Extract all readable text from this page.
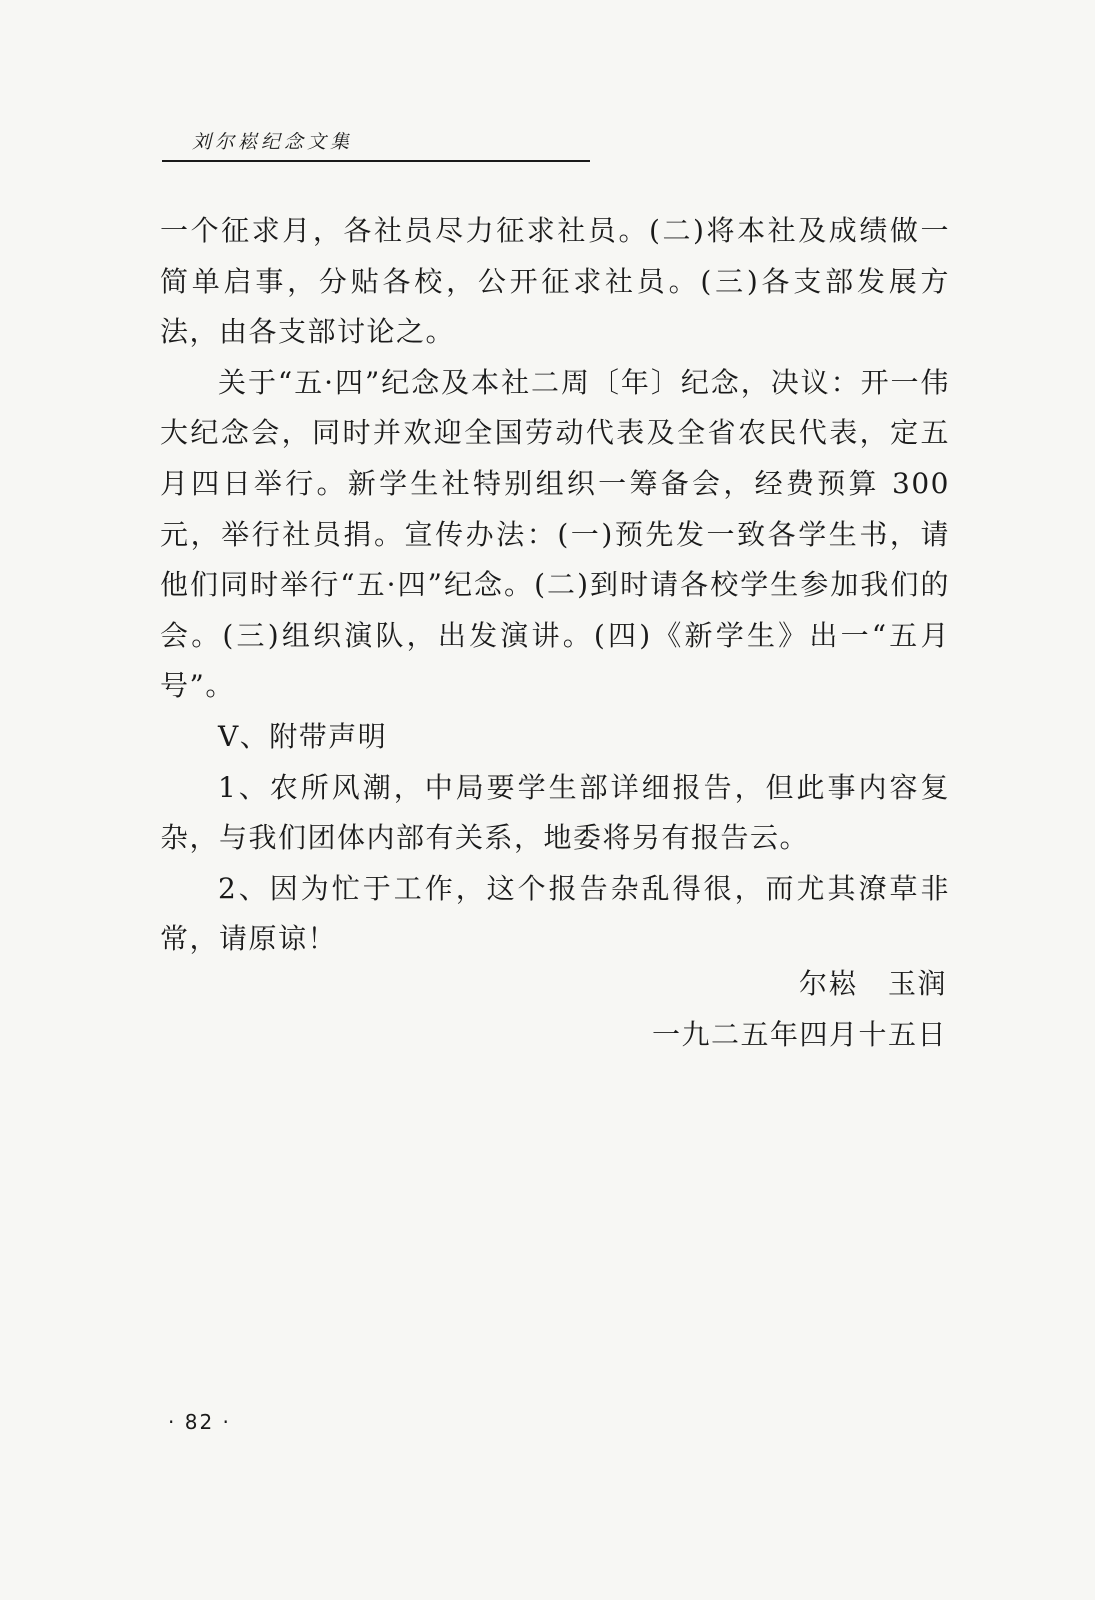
刘尔崧纪念文集

一个征求月，各社员尽力征求社员。(二)将本社及成绩做一简单启事，分贴各校，公开征求社员。(三)各支部发展方法，由各支部讨论之。

关于“五·四”纪念及本社二周〔年〕纪念，决议：开一伟大纪念会，同时并欢迎全国劳动代表及全省农民代表，定五月四日举行。新学生社特别组织一筹备会，经费预算 300 元，举行社员捐。宣传办法：(一)预先发一致各学生书，请他们同时举行“五·四”纪念。(二)到时请各校学生参加我们的会。(三)组织演队，出发演讲。(四)《新学生》出一“五月号”。

V、附带声明

1、农所风潮，中局要学生部详细报告，但此事内容复杂，与我们团体内部有关系，地委将另有报告云。

2、因为忙于工作，这个报告杂乱得很，而尤其潦草非常，请原谅！

尔崧 玉润
一九二五年四月十五日
· 82 ·
